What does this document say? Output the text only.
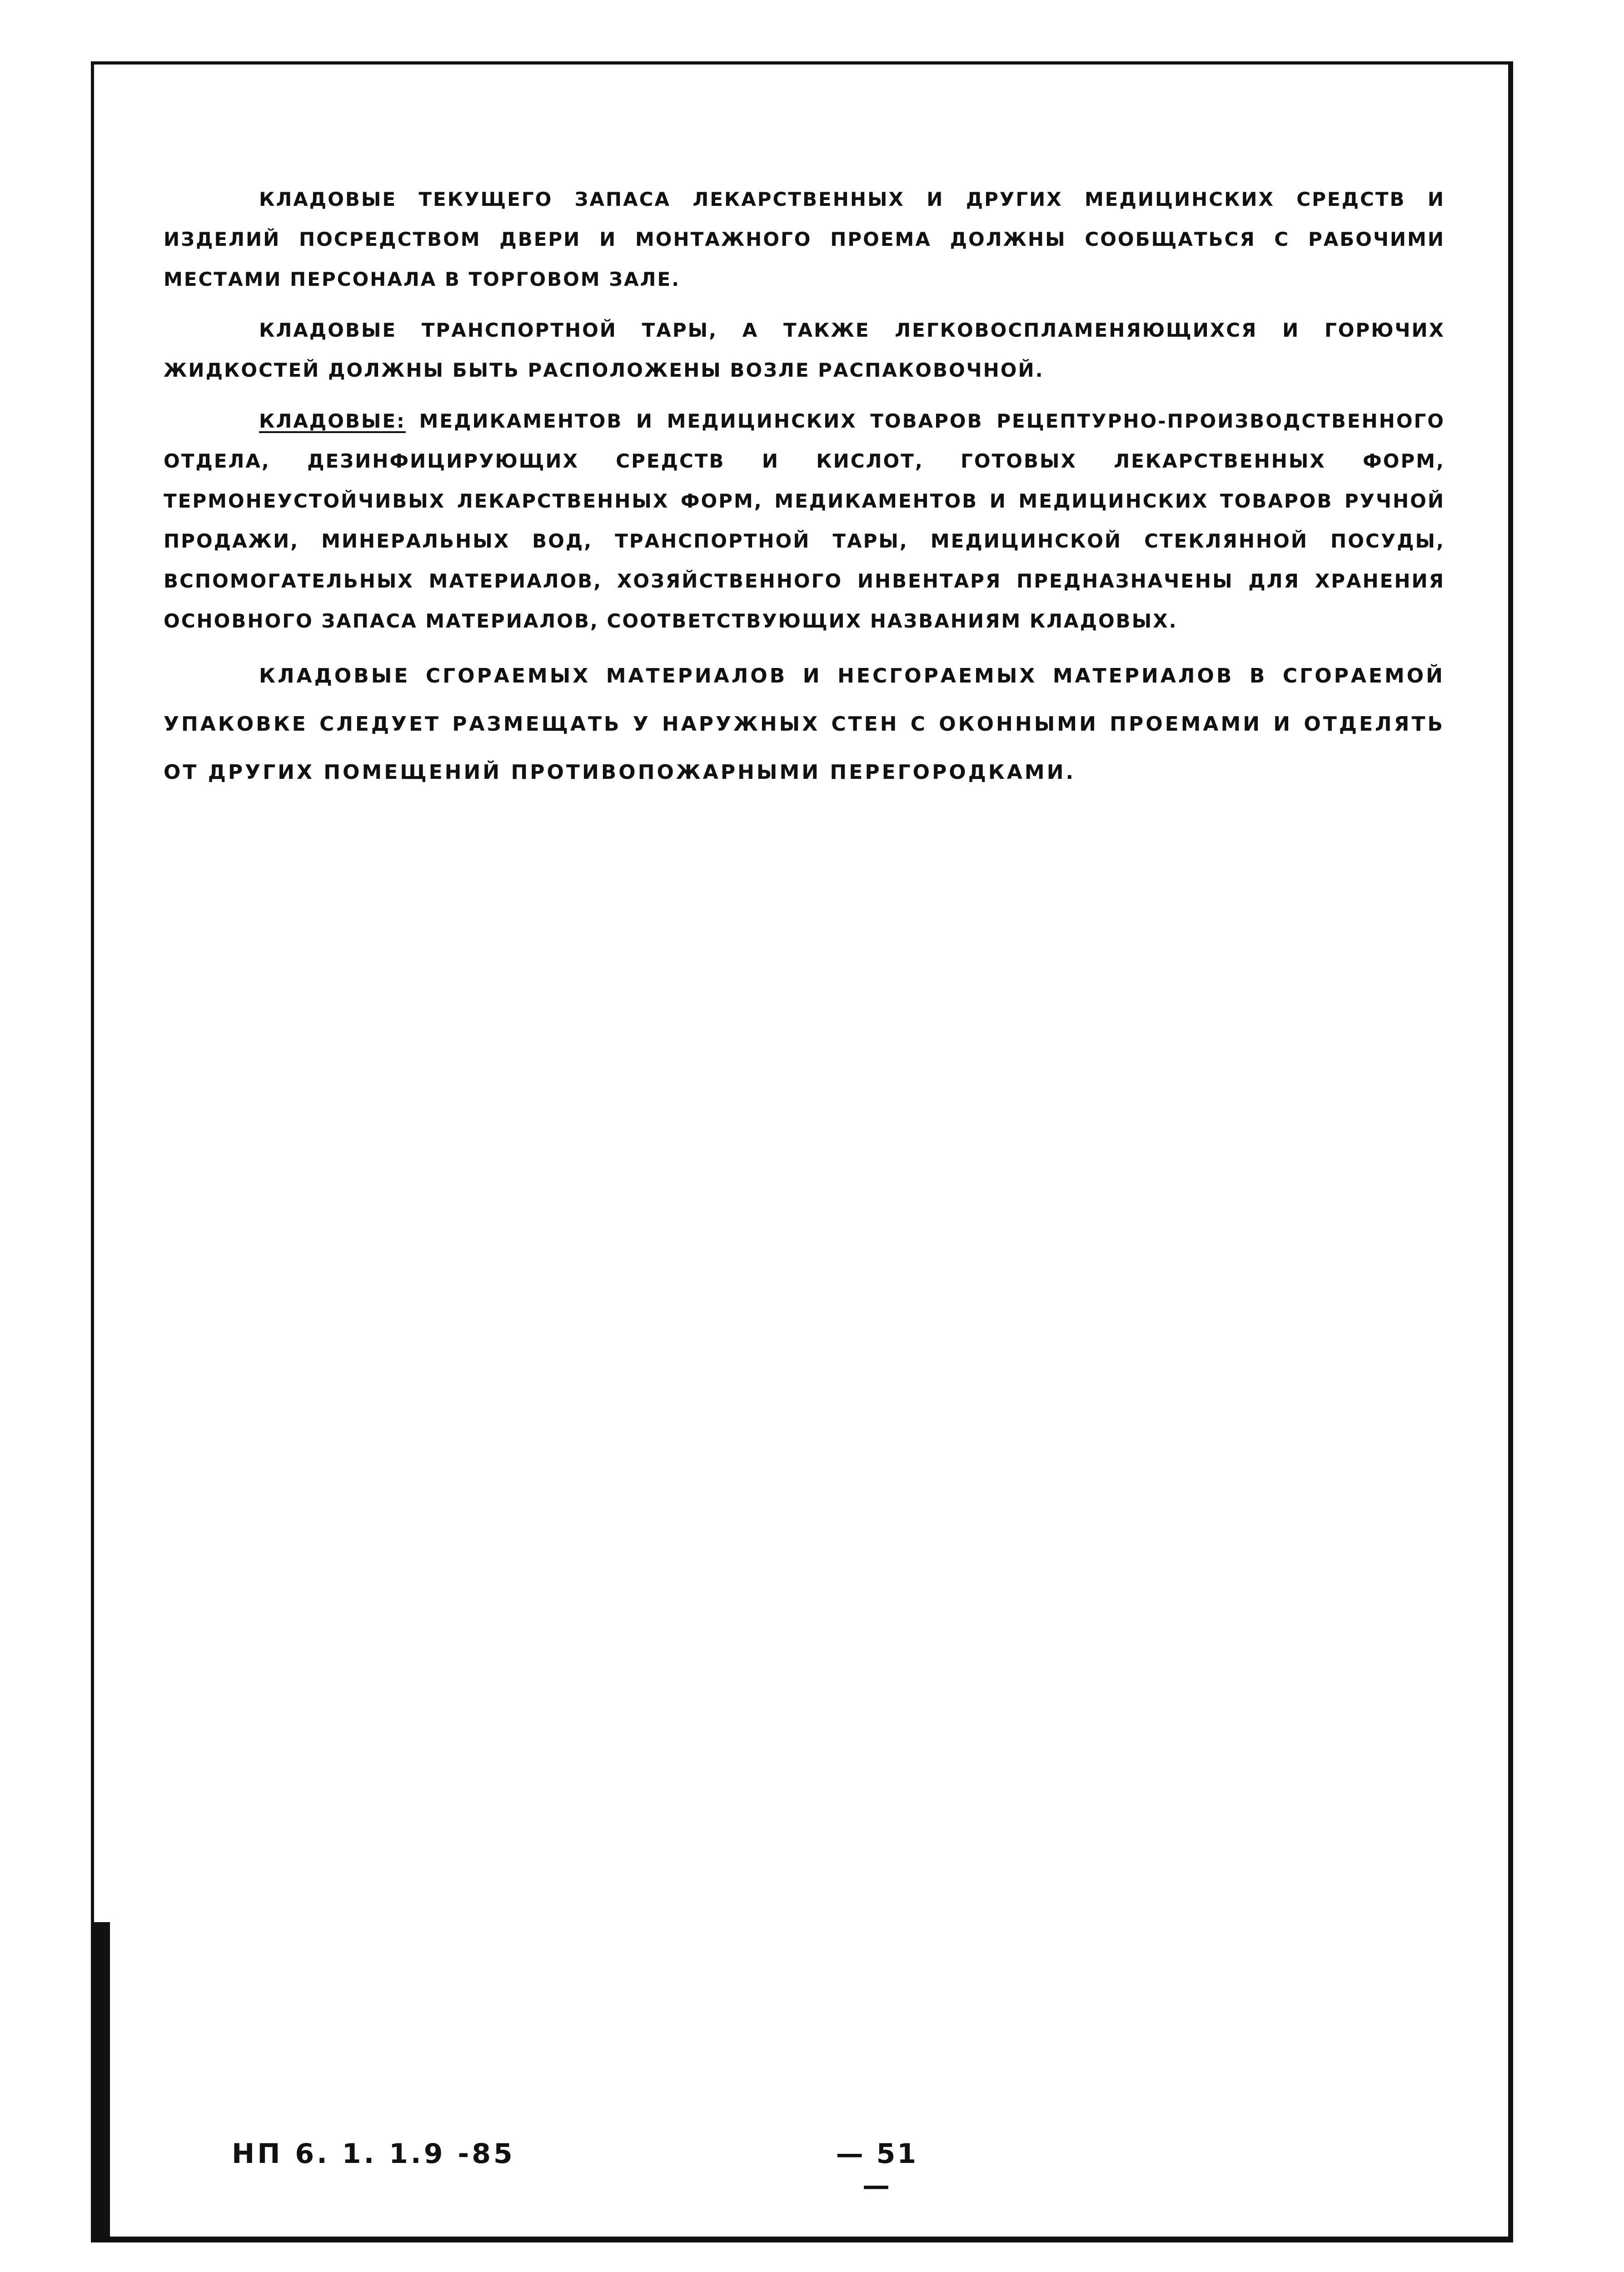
КЛАДОВЫЕ ТЕКУЩЕГО ЗАПАСА ЛЕКАРСТВЕННЫХ И ДРУГИХ МЕДИЦИНСКИХ СРЕДСТВ И ИЗДЕЛИЙ ПОСРЕДСТВОМ ДВЕРИ И МОНТАЖНОГО ПРОЕМА ДОЛЖНЫ СООБЩАТЬСЯ С РАБОЧИМИ МЕСТАМИ ПЕРСОНАЛА В ТОРГОВОМ ЗАЛЕ.

КЛАДОВЫЕ ТРАНСПОРТНОЙ ТАРЫ, А ТАКЖЕ ЛЕГКОВОСПЛАМЕНЯЮЩИХСЯ И ГОРЮЧИХ ЖИДКОСТЕЙ ДОЛЖНЫ БЫТЬ РАСПОЛОЖЕНЫ ВОЗЛЕ РАСПАКОВОЧНОЙ.

КЛАДОВЫЕ: МЕДИКАМЕНТОВ И МЕДИЦИНСКИХ ТОВАРОВ РЕЦЕПТУРНО-ПРОИЗВОДСТВЕННОГО ОТДЕЛА, ДЕЗИНФИЦИРУЮЩИХ СРЕДСТВ И КИСЛОТ, ГОТОВЫХ ЛЕКАРСТВЕННЫХ ФОРМ, ТЕРМОНЕУСТОЙЧИВЫХ ЛЕКАРСТВЕННЫХ ФОРМ, МЕДИКАМЕНТОВ И МЕДИЦИНСКИХ ТОВАРОВ РУЧНОЙ ПРОДАЖИ, МИНЕРАЛЬНЫХ ВОД, ТРАНСПОРТНОЙ ТАРЫ, МЕДИЦИНСКОЙ СТЕКЛЯННОЙ ПОСУДЫ, ВСПОМОГАТЕЛЬНЫХ МАТЕРИАЛОВ, ХОЗЯЙСТВЕННОГО ИНВЕНТАРЯ ПРЕДНАЗНАЧЕНЫ ДЛЯ ХРАНЕНИЯ ОСНОВНОГО ЗАПАСА МАТЕРИАЛОВ, СООТВЕТСТВУЮЩИХ НАЗВАНИЯМ КЛАДОВЫХ.

КЛАДОВЫЕ СГОРАЕМЫХ МАТЕРИАЛОВ И НЕСГОРАЕМЫХ МАТЕРИАЛОВ В СГОРАЕМОЙ УПАКОВКЕ СЛЕДУЕТ РАЗМЕЩАТЬ У НАРУЖНЫХ СТЕН С ОКОННЫМИ ПРОЕМАМИ И ОТДЕЛЯТЬ ОТ ДРУГИХ ПОМЕЩЕНИЙ ПРОТИВОПОЖАРНЫМИ ПЕРЕГОРОДКАМИ.

НП 6. 1. 1.9 -85	— 51 —
